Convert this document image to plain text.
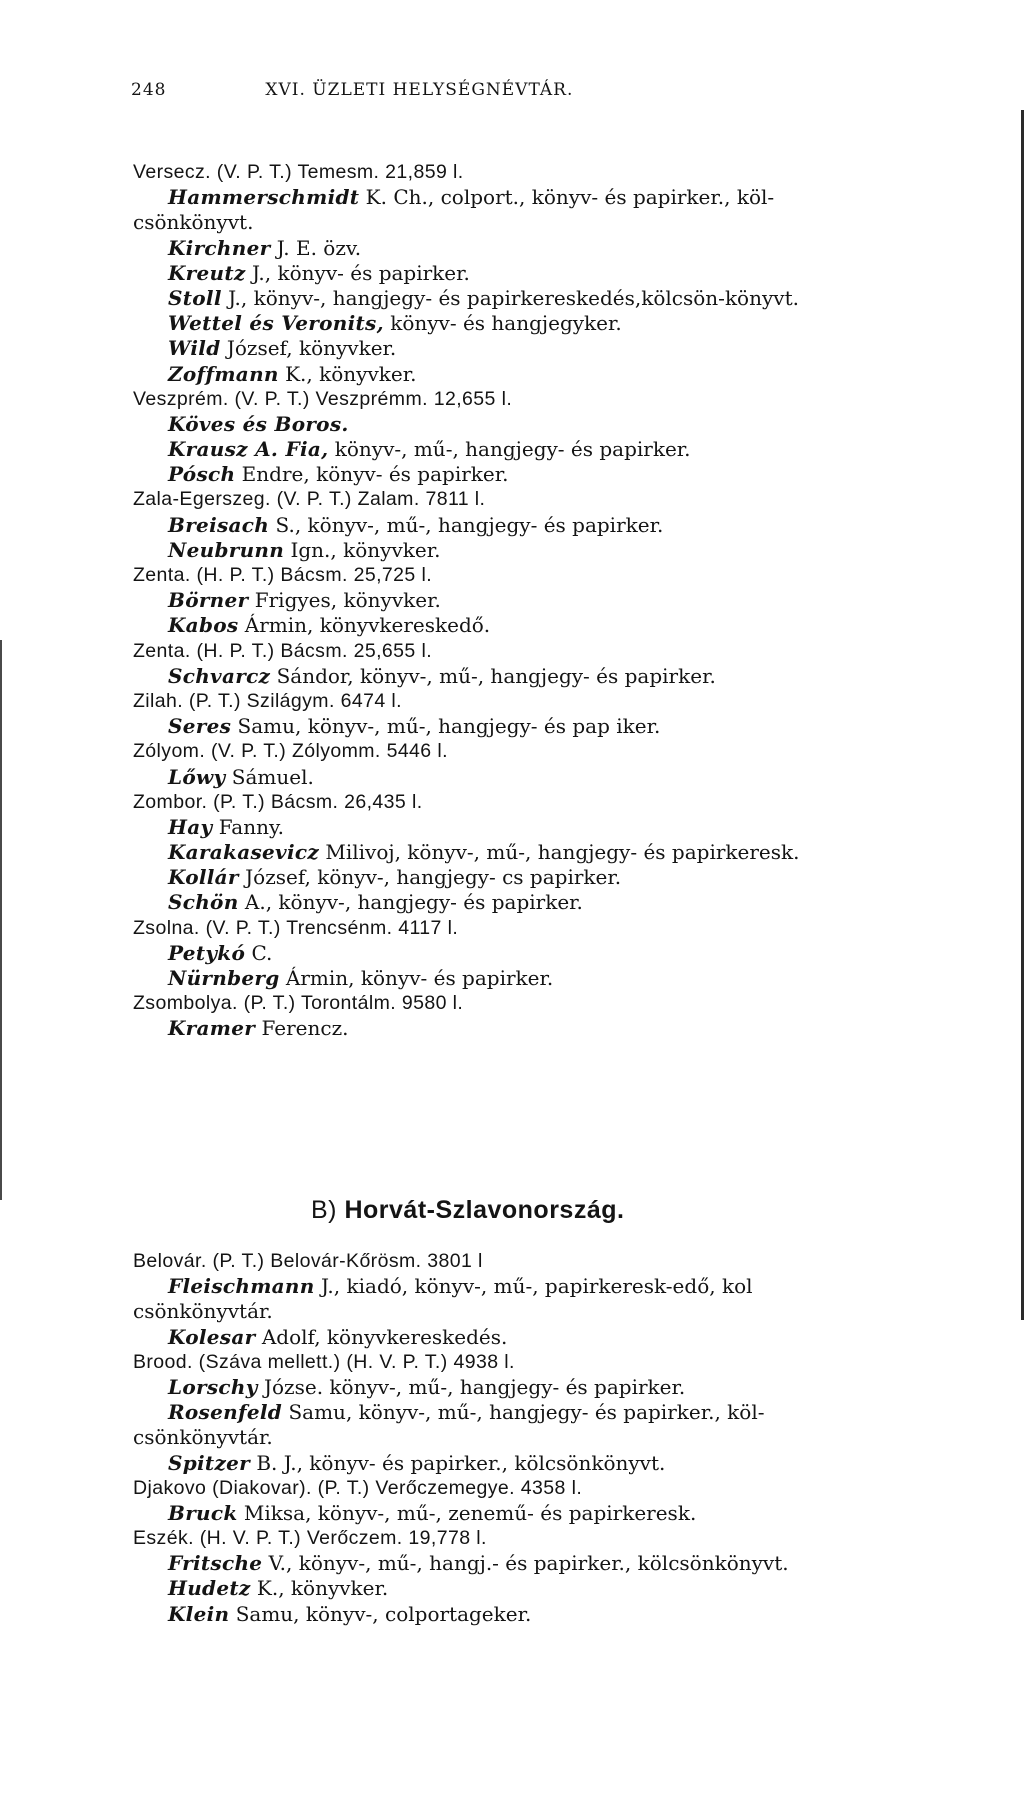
248	XVI. ÜZLETI HELYSÉGNÉVTÁR.
Versecz. (V. P. T.) Temesm. 21,859 l.
Hammerschmidt K. Ch., colport., könyv- és papirker., köl-
csönkönyvt.
Kirchner J. E. özv.
Kreutz J., könyv- és papirker.
Stoll J., könyv-, hangjegy- és papirkereskedés,kölcsön-könyvt.
Wettel és Veronits, könyv- és hangjegyker.
Wild József, könyvker.
Zoffmann K., könyvker.
Veszprém. (V. P. T.) Veszprémm. 12,655 l.
Köves és Boros.
Krausz A. Fia, könyv-, mű-, hangjegy- és papirker.
Pósch Endre, könyv- és papirker.
Zala-Egerszeg. (V. P. T.) Zalam. 7811 l.
Breisach S., könyv-, mű-, hangjegy- és papirker.
Neubrunn Ign., könyvker.
Zenta. (H. P. T.) Bácsm. 25,725 l.
Börner Frigyes, könyvker.
Kabos Ármin, könyvkereskedő.
Zenta. (H. P. T.) Bácsm. 25,655 l.
Schvarcz Sándor, könyv-, mű-, hangjegy- és papirker.
Zilah. (P. T.) Szilágym. 6474 l.
Seres Samu, könyv-, mű-, hangjegy- és pap iker.
Zólyom. (V. P. T.) Zólyomm. 5446 l.
Lőwy Sámuel.
Zombor. (P. T.) Bácsm. 26,435 l.
Hay Fanny.
Karakasevicz Milivoj, könyv-, mű-, hangjegy- és papirkeresk.
Kollár József, könyv-, hangjegy- cs papirker.
Schön A., könyv-, hangjegy- és papirker.
Zsolna. (V. P. T.) Trencsénm. 4117 l.
Petykó C.
Nürnberg Ármin, könyv- és papirker.
Zsombolya. (P. T.) Torontálm. 9580 l.
Kramer Ferencz.
B) Horvát-Szlavonország.
Belovár. (P. T.) Belovár-Kőrösm. 3801 l
Fleischmann J., kiadó, könyv-, mű-, papirkeresk-edő, kol
csönkönyvtár.
Kolesar Adolf, könyvkereskedés.
Brood. (Száva mellett.) (H. V. P. T.) 4938 l.
Lorschy Józse. könyv-, mű-, hangjegy- és papirker.
Rosenfeld Samu, könyv-, mű-, hangjegy- és papirker., köl-
csönkönyvtár.
Spitzer B. J., könyv- és papirker., kölcsönkönyvt.
Djakovo (Diakovar). (P. T.) Verőczemegye. 4358 l.
Bruck Miksa, könyv-, mű-, zenemű- és papirkeresk.
Eszék. (H. V. P. T.) Verőczem. 19,778 l.
Fritsche V., könyv-, mű-, hangj.- és papirker., kölcsönkönyvt.
Hudetz K., könyvker.
Klein Samu, könyv-, colportageker.
